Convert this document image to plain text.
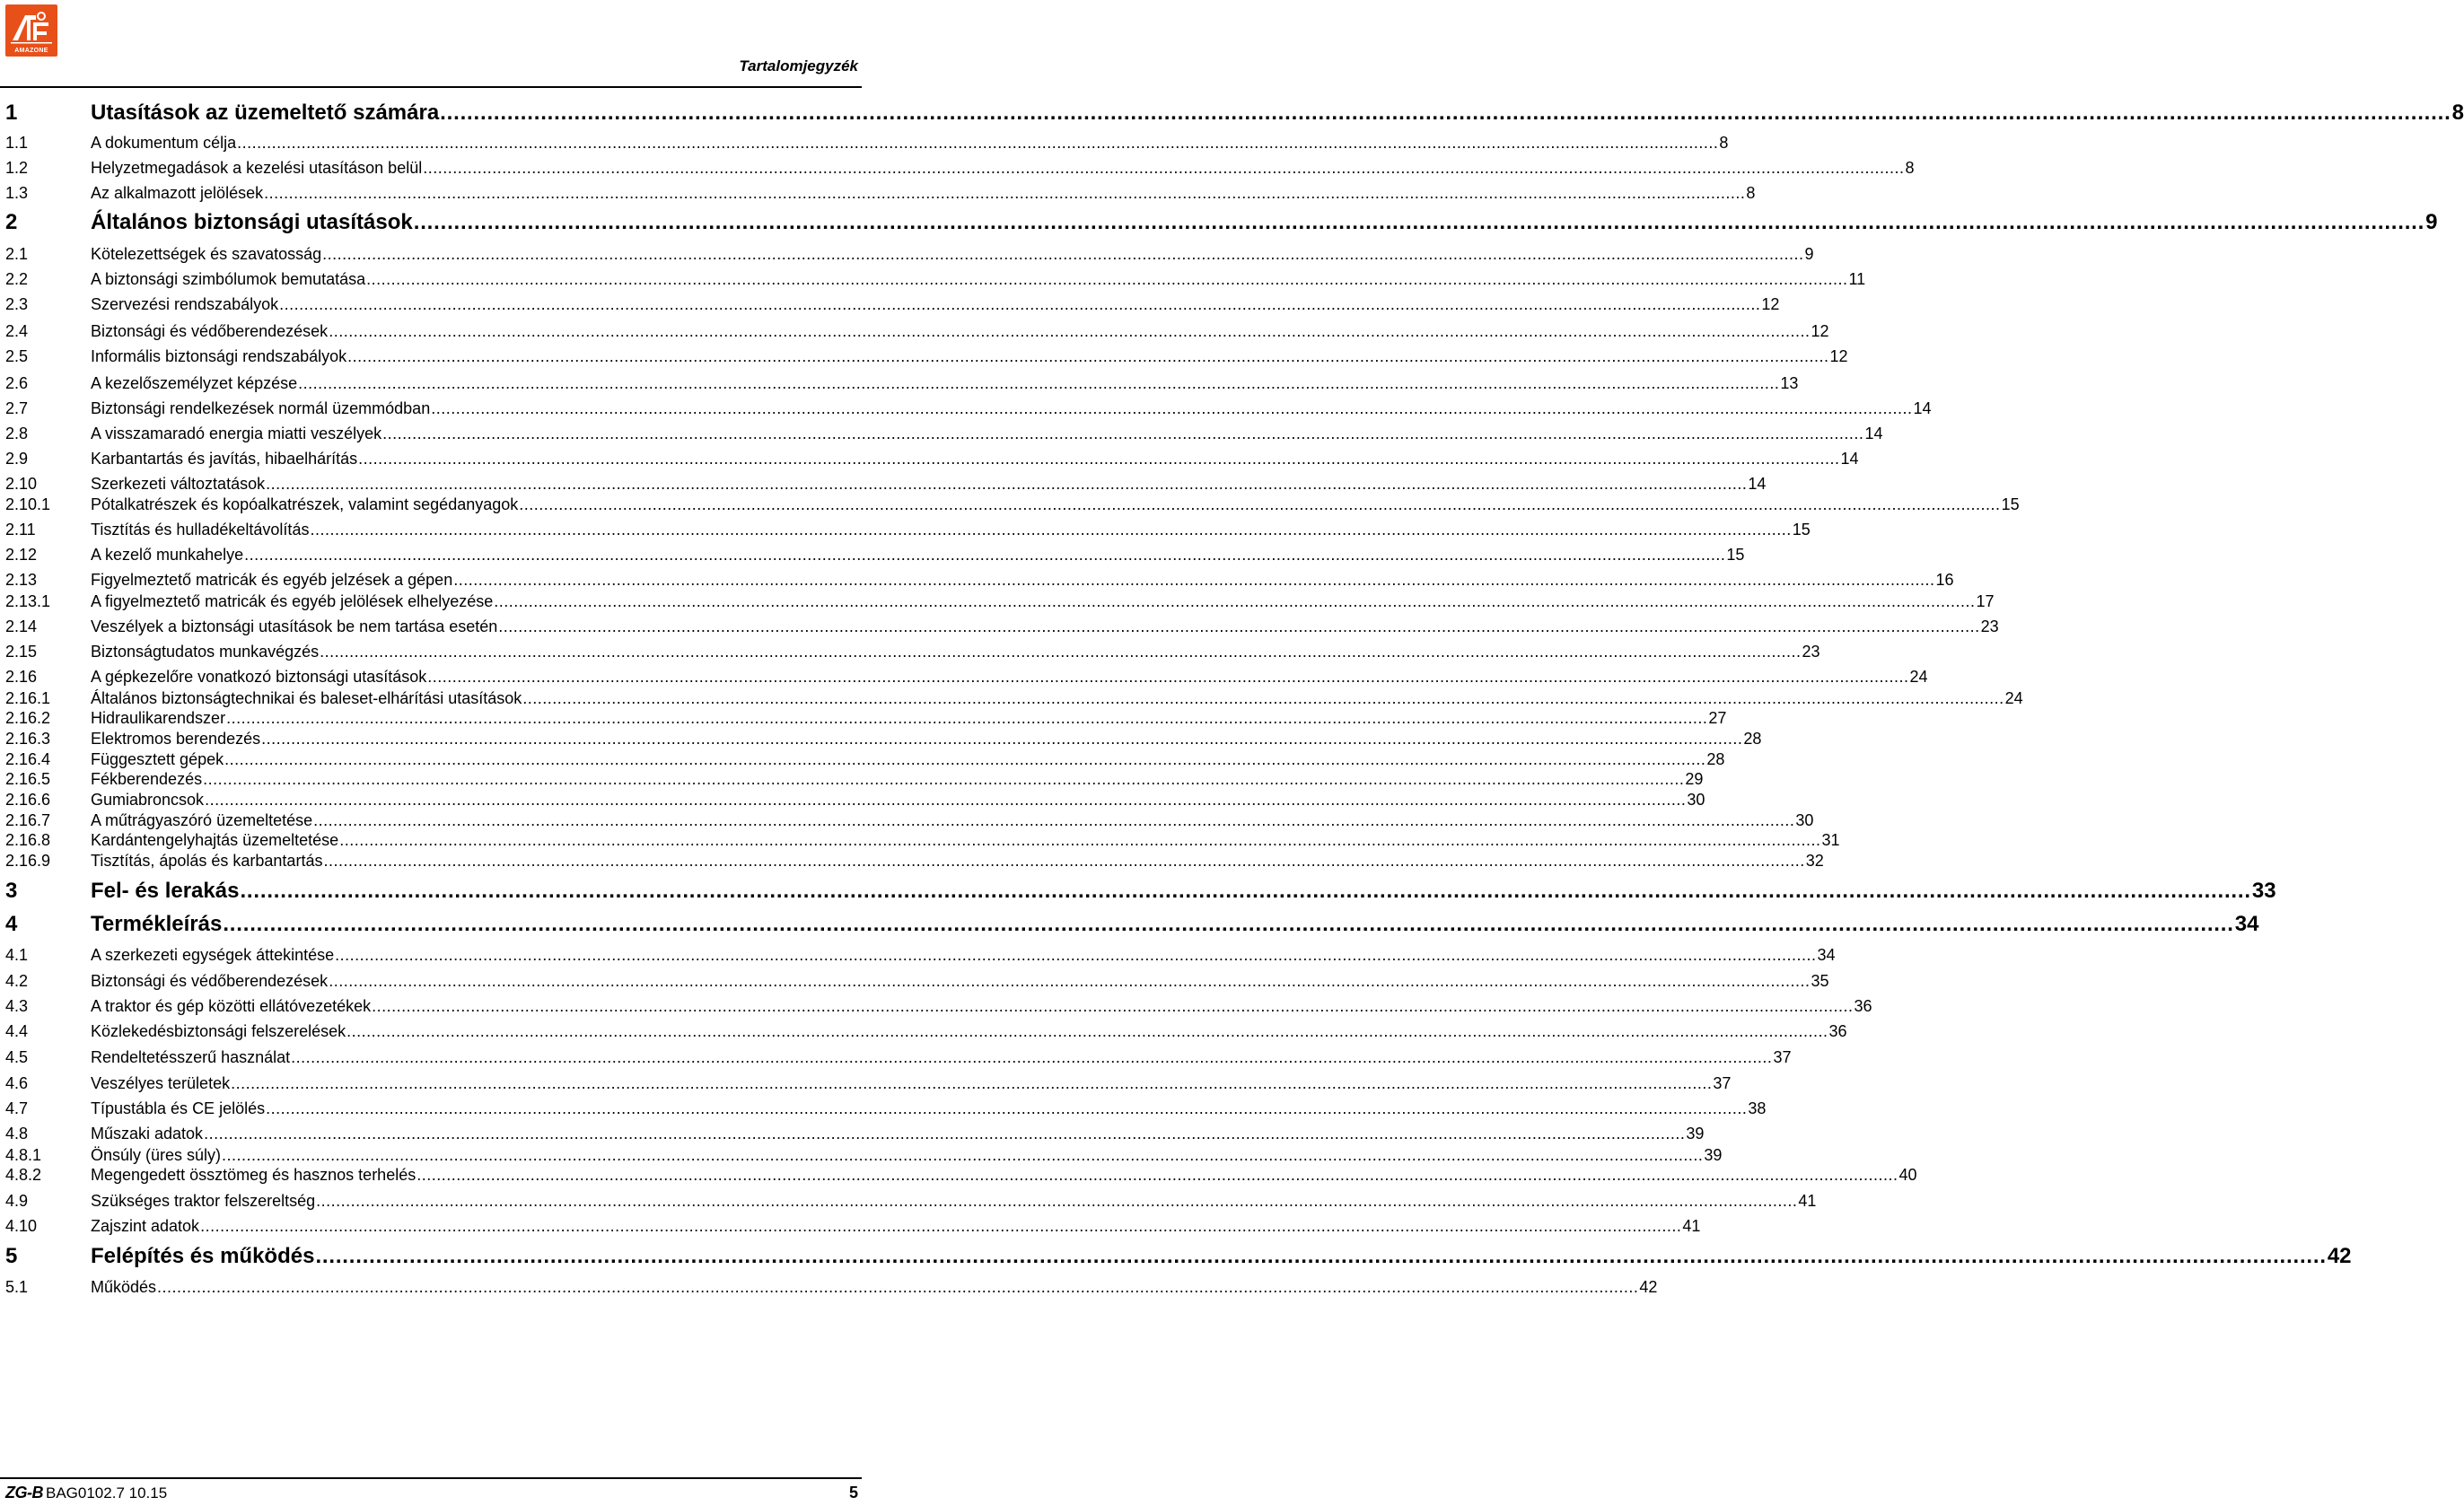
AMAZONE
Tartalomjegyzék
1	Utasítások az üzemeltető számára ............................................................................................................................................................................................................................................................................................................ 8
1.1	A dokumentum célja ............................................................................................................................................................................................................................................................................................................ 8
1.2	Helyzetmegadások a kezelési utasításon belül ............................................................................................................................................................................................................................................................................................................ 8
1.3	Az alkalmazott jelölések ............................................................................................................................................................................................................................................................................................................ 8
2	Általános biztonsági utasítások ............................................................................................................................................................................................................................................................................................................ 9
2.1	Kötelezettségek és szavatosság ............................................................................................................................................................................................................................................................................................................ 9
2.2	A biztonsági szimbólumok bemutatása ............................................................................................................................................................................................................................................................................................................ 11
2.3	Szervezési rendszabályok ............................................................................................................................................................................................................................................................................................................ 12
2.4	Biztonsági és védőberendezések ............................................................................................................................................................................................................................................................................................................ 12
2.5	Informális biztonsági rendszabályok ............................................................................................................................................................................................................................................................................................................ 12
2.6	A kezelőszemélyzet képzése ............................................................................................................................................................................................................................................................................................................ 13
2.7	Biztonsági rendelkezések normál üzemmódban ............................................................................................................................................................................................................................................................................................................ 14
2.8	A visszamaradó energia miatti veszélyek ............................................................................................................................................................................................................................................................................................................ 14
2.9	Karbantartás és javítás, hibaelhárítás ............................................................................................................................................................................................................................................................................................................ 14
2.10	Szerkezeti változtatások ............................................................................................................................................................................................................................................................................................................ 14
2.10.1 Pótalkatrészek és kopóalkatrészek, valamint segédanyagok ............................................................................................................................................................................................................................................................................................................ 15
2.11	Tisztítás és hulladékeltávolítás ............................................................................................................................................................................................................................................................................................................ 15
2.12	A kezelő munkahelye ............................................................................................................................................................................................................................................................................................................ 15
2.13	Figyelmeztető matricák és egyéb jelzések a gépen ............................................................................................................................................................................................................................................................................................................ 16
2.13.1 A figyelmeztető matricák és egyéb jelölések elhelyezése ............................................................................................................................................................................................................................................................................................................ 17
2.14	Veszélyek a biztonsági utasítások be nem tartása esetén ............................................................................................................................................................................................................................................................................................................ 23
2.15	Biztonságtudatos munkavégzés ............................................................................................................................................................................................................................................................................................................ 23
2.16	A gépkezelőre vonatkozó biztonsági utasítások ............................................................................................................................................................................................................................................................................................................ 24
2.16.1 Általános biztonságtechnikai és baleset-elhárítási utasítások ............................................................................................................................................................................................................................................................................................................ 24
2.16.2 Hidraulikarendszer ............................................................................................................................................................................................................................................................................................................ 27
2.16.3 Elektromos berendezés ............................................................................................................................................................................................................................................................................................................ 28
2.16.4 Függesztett gépek ............................................................................................................................................................................................................................................................................................................ 28
2.16.5 Fékberendezés ............................................................................................................................................................................................................................................................................................................ 29
2.16.6 Gumiabroncsok ............................................................................................................................................................................................................................................................................................................ 30
2.16.7 A műtrágyaszóró üzemeltetése ............................................................................................................................................................................................................................................................................................................ 30
2.16.8 Kardántengelyhajtás üzemeltetése ............................................................................................................................................................................................................................................................................................................ 31
2.16.9 Tisztítás, ápolás és karbantartás ............................................................................................................................................................................................................................................................................................................ 32
3	Fel- és lerakás ............................................................................................................................................................................................................................................................................................................ 33
4	Termékleírás ............................................................................................................................................................................................................................................................................................................ 34
4.1	A szerkezeti egységek áttekintése ............................................................................................................................................................................................................................................................................................................ 34
4.2	Biztonsági és védőberendezések ............................................................................................................................................................................................................................................................................................................ 35
4.3	A traktor és gép közötti ellátóvezetékek ............................................................................................................................................................................................................................................................................................................ 36
4.4	Közlekedésbiztonsági felszerelések ............................................................................................................................................................................................................................................................................................................ 36
4.5	Rendeltetésszerű használat ............................................................................................................................................................................................................................................................................................................ 37
4.6	Veszélyes területek ............................................................................................................................................................................................................................................................................................................ 37
4.7	Típustábla és CE jelölés ............................................................................................................................................................................................................................................................................................................ 38
4.8	Műszaki adatok ............................................................................................................................................................................................................................................................................................................ 39
4.8.1	Önsúly (üres súly) ............................................................................................................................................................................................................................................................................................................ 39
4.8.2	Megengedett össztömeg és hasznos terhelés ............................................................................................................................................................................................................................................................................................................ 40
4.9	Szükséges traktor felszereltség ............................................................................................................................................................................................................................................................................................................ 41
4.10	Zajszint adatok ............................................................................................................................................................................................................................................................................................................ 41
5	Felépítés és működés ............................................................................................................................................................................................................................................................................................................ 42
5.1	Működés ............................................................................................................................................................................................................................................................................................................ 42
ZG-B BAG0102.7 10.15	5
